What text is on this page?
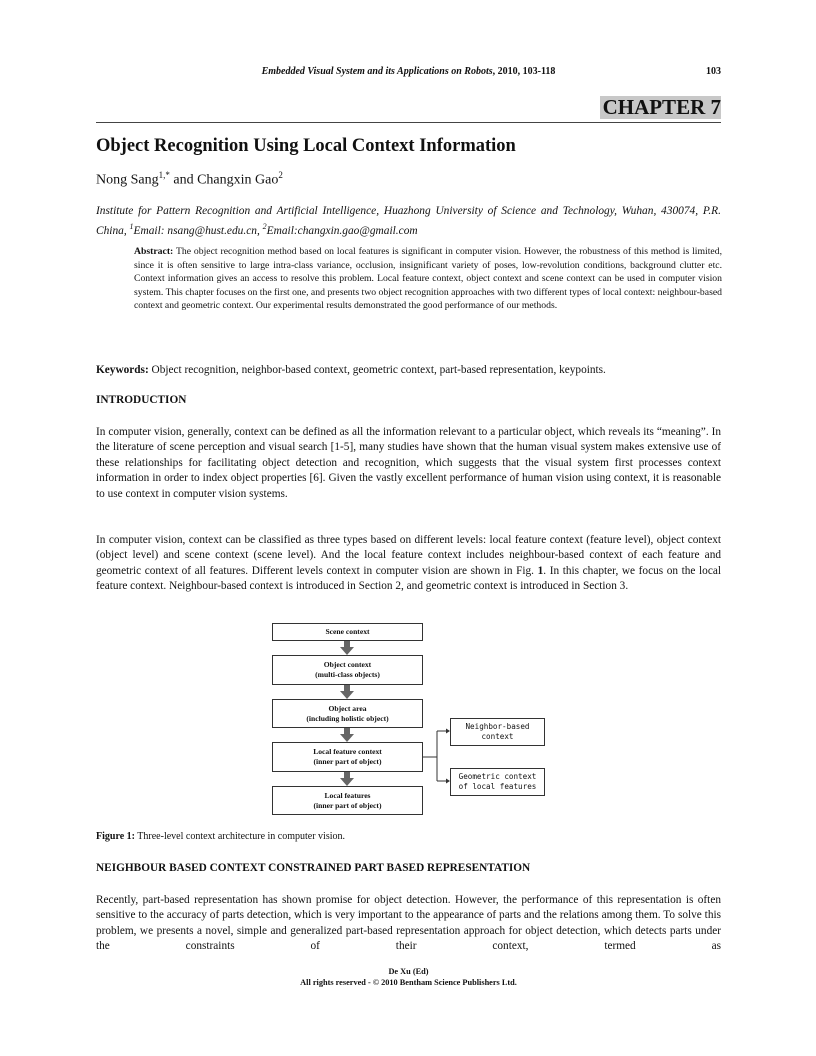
Embedded Visual System and its Applications on Robots, 2010, 103-118	103
CHAPTER 7
Object Recognition Using Local Context Information
Nong Sang$^{1,*}$ and Changxin Gao$^2$
Institute for Pattern Recognition and Artificial Intelligence, Huazhong University of Science and Technology, Wuhan, 430074, P.R. China, $^1$Email: nsang@hust.edu.cn, $^2$Email:changxin.gao@gmail.com
Abstract: The object recognition method based on local features is significant in computer vision. However, the robustness of this method is limited, since it is often sensitive to large intra-class variance, occlusion, insignificant variety of poses, low-revolution conditions, background clutter etc. Context information gives an access to resolve this problem. Local feature context, object context and scene context can be used in computer vision system. This chapter focuses on the first one, and presents two object recognition approaches with two different types of local context: neighbour-based context and geometric context. Our experimental results demonstrated the good performance of our methods.
Keywords: Object recognition, neighbor-based context, geometric context, part-based representation, keypoints.
INTRODUCTION

In computer vision, generally, context can be defined as all the information relevant to a particular object, which reveals its “meaning”. In the literature of scene perception and visual search [1-5], many studies have shown that the human visual system makes extensive use of these relationships for facilitating object detection and recognition, which suggests that the visual system first processes context information in order to index object properties [6]. Given the vastly excellent performance of human vision using context, it is reasonable to use context in computer vision systems.

In computer vision, context can be classified as three types based on different levels: local feature context (feature level), object context (object level) and scene context (scene level). And the local feature context includes neighbour-based context of each feature and geometric context of all features. Different levels context in computer vision are shown in Fig. 1. In this chapter, we focus on the local feature context. Neighbour-based context is introduced in Section 2, and geometric context is introduced in Section 3.

Scene context
Object context
(multi-class objects)
Object area
(including holistic object)
Local feature context
(inner part of object)
Local features
(inner part of object)
Neighbor-based
context
Geometric context
of local features
Figure 1: Three-level context architecture in computer vision.
NEIGHBOUR BASED CONTEXT CONSTRAINED PART BASED REPRESENTATION

Recently, part-based representation has shown promise for object detection. However, the performance of this representation is often sensitive to the accuracy of parts detection, which is very important to the appearance of parts and the relations among them. To solve this problem, we presents a novel, simple and generalized part-based representation approach for object detection, which detects parts under the constraints of their context, termed as

De Xu (Ed)
All rights reserved - © 2010 Bentham Science Publishers Ltd.
